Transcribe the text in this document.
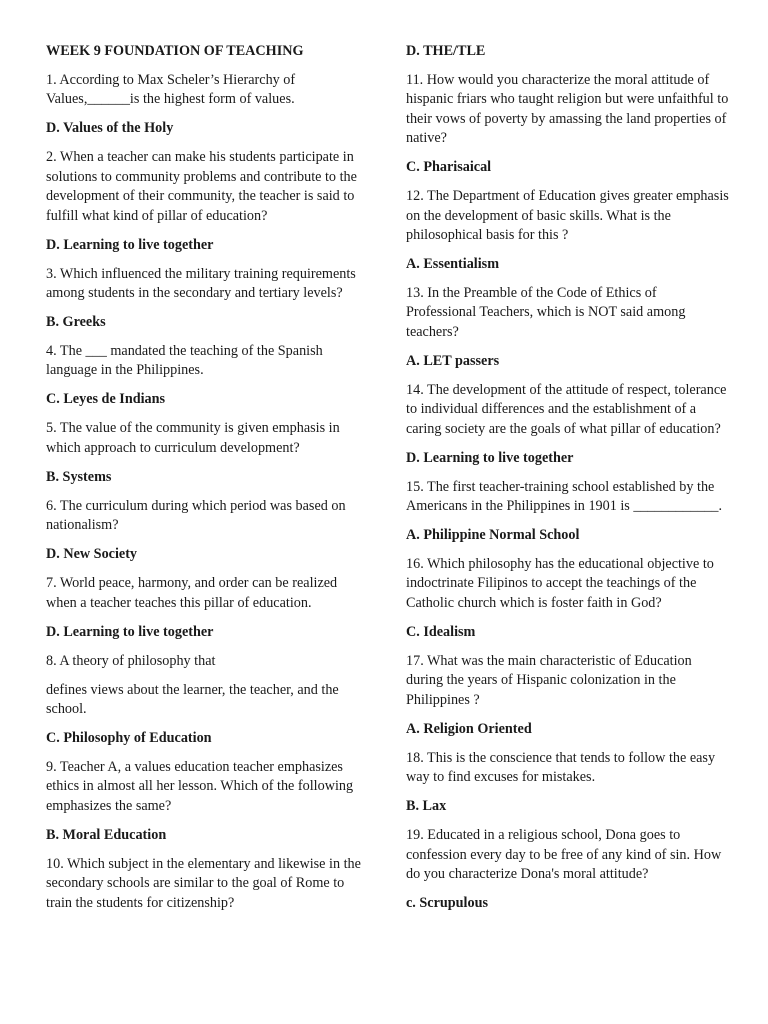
WEEK 9 FOUNDATION OF TEACHING

1. According to Max Scheler’s Hierarchy of Values,______is the highest form of values.

D. Values of the Holy

2. When a teacher can make his students participate in solutions to community problems and contribute to the development of their community, the teacher is said to fulfill what kind of pillar of education?

D. Learning to live together

3. Which influenced the military training requirements among students in the secondary and tertiary levels?

B. Greeks

4. The ___ mandated the teaching of the Spanish language in the Philippines.

C. Leyes de Indians

5. The value of the community is given emphasis in which approach to curriculum development?

B. Systems

6. The curriculum during which period was based on nationalism?

D. New Society

7. World peace, harmony, and order can be realized when a teacher teaches this pillar of education.

D. Learning to live together

8. A theory of philosophy that

defines views about the learner, the teacher, and the school.

C. Philosophy of Education

9. Teacher A, a values education teacher emphasizes ethics in almost all her lesson. Which of the following emphasizes the same?

B. Moral Education

10. Which subject in the elementary and likewise in the secondary schools are similar to the goal of Rome to train the students for citizenship?

D. THE/TLE

11. How would you characterize the moral attitude of hispanic friars who taught religion but were unfaithful to their vows of poverty by amassing the land properties of native?

C. Pharisaical

12. The Department of Education gives greater emphasis on the development of basic skills. What is the philosophical basis for this ?

A. Essentialism

13. In the Preamble of the Code of Ethics of Professional Teachers, which is NOT said among teachers?

A. LET passers

14. The development of the attitude of respect, tolerance to individual differences and the establishment of a caring society are the goals of what pillar of education?

D. Learning to live together

15. The first teacher-training school established by the Americans in the Philippines in 1901 is ____________.

A. Philippine Normal School

16. Which philosophy has the educational objective to indoctrinate Filipinos to accept the teachings of the Catholic church which is foster faith in God?

C. Idealism

17. What was the main characteristic of Education during the years of Hispanic colonization in the Philippines ?

A. Religion Oriented

18. This is the conscience that tends to follow the easy way to find excuses for mistakes.

B. Lax

19. Educated in a religious school, Dona goes to confession every day to be free of any kind of sin. How do you characterize Dona's moral attitude?

c. Scrupulous
